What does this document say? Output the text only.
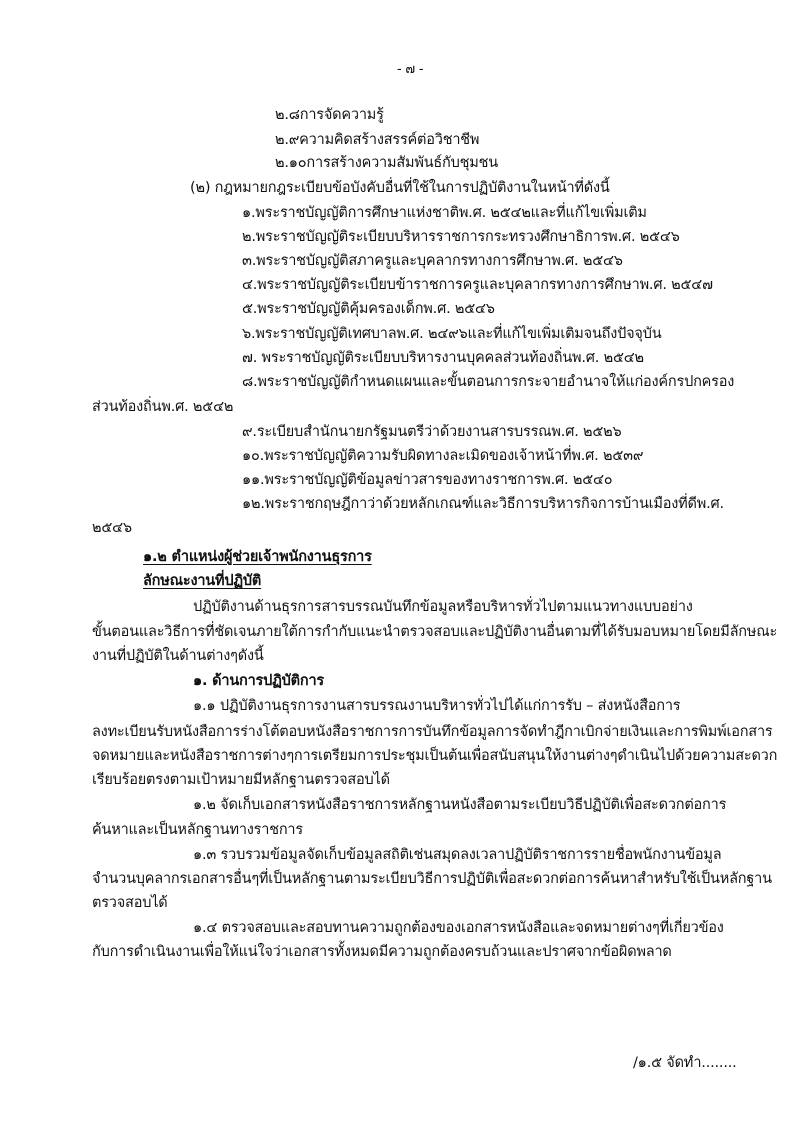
- ๗ -
๒.๘การจัดความรู้
๒.๙ความคิดสร้างสรรค์ต่อวิชาชีพ
๒.๑๐การสร้างความสัมพันธ์กับชุมชน
(๒) กฎหมายกฎระเบียบข้อบังคับอื่นที่ใช้ในการปฏิบัติงานในหน้าที่ดังนี้
๑.พระราชบัญญัติการศึกษาแห่งชาติพ.ศ. ๒๕๔๒และที่แก้ไขเพิ่มเติม
๒.พระราชบัญญัติระเบียบบริหารราชการกระทรวงศึกษาธิการพ.ศ. ๒๕๔๖
๓.พระราชบัญญัติสภาครูและบุคลากรทางการศึกษาพ.ศ. ๒๕๔๖
๔.พระราชบัญญัติระเบียบข้าราชการครูและบุคลากรทางการศึกษาพ.ศ. ๒๕๔๗
๕.พระราชบัญญัติคุ้มครองเด็กพ.ศ. ๒๕๔๖
๖.พระราชบัญญัติเทศบาลพ.ศ. ๒๔๙๖และที่แก้ไขเพิ่มเติมจนถึงปัจจุบัน
๗. พระราชบัญญัติระเบียบบริหารงานบุคคลส่วนท้องถิ่นพ.ศ. ๒๕๔๒
๘.พระราชบัญญัติกำหนดแผนและขั้นตอนการกระจายอำนาจให้แก่องค์กรปกครอง
ส่วนท้องถิ่นพ.ศ. ๒๕๔๒
๙.ระเบียบสำนักนายกรัฐมนตรีว่าด้วยงานสารบรรณพ.ศ. ๒๕๒๖
๑๐.พระราชบัญญัติความรับผิดทางละเมิดของเจ้าหน้าที่พ.ศ. ๒๕๓๙
๑๑.พระราชบัญญัติข้อมูลข่าวสารของทางราชการพ.ศ. ๒๕๔๐
๑๒.พระราชกฤษฎีกาว่าด้วยหลักเกณฑ์และวิธีการบริหารกิจการบ้านเมืองที่ดีพ.ศ.
๒๕๔๖
๑.๒ ตำแหน่งผู้ช่วยเจ้าพนักงานธุรการ
ลักษณะงานที่ปฏิบัติ
ปฏิบัติงานด้านธุรการสารบรรณบันทึกข้อมูลหรือบริหารทั่วไปตามแนวทางแบบอย่าง
ขั้นตอนและวิธีการที่ชัดเจนภายใต้การกำกับแนะนำตรวจสอบและปฏิบัติงานอื่นตามที่ได้รับมอบหมายโดยมีลักษณะ
งานที่ปฏิบัติในด้านต่างๆดังนี้
๑. ด้านการปฏิบัติการ
๑.๑ ปฏิบัติงานธุรการงานสารบรรณงานบริหารทั่วไปได้แก่การรับ – ส่งหนังสือการ
ลงทะเบียนรับหนังสือการร่างโต้ตอบหนังสือราชการการบันทึกข้อมูลการจัดทำฎีกาเบิกจ่ายเงินและการพิมพ์เอกสาร
จดหมายและหนังสือราชการต่างๆการเตรียมการประชุมเป็นต้นเพื่อสนับสนุนให้งานต่างๆดำเนินไปด้วยความสะดวก
เรียบร้อยตรงตามเป้าหมายมีหลักฐานตรวจสอบได้
๑.๒ จัดเก็บเอกสารหนังสือราชการหลักฐานหนังสือตามระเบียบวิธีปฏิบัติเพื่อสะดวกต่อการ
ค้นหาและเป็นหลักฐานทางราชการ
๑.๓ รวบรวมข้อมูลจัดเก็บข้อมูลสถิติเช่นสมุดลงเวลาปฏิบัติราชการรายชื่อพนักงานข้อมูล
จำนวนบุคลากรเอกสารอื่นๆที่เป็นหลักฐานตามระเบียบวิธีการปฏิบัติเพื่อสะดวกต่อการค้นหาสำหรับใช้เป็นหลักฐาน
ตรวจสอบได้
๑.๔ ตรวจสอบและสอบทานความถูกต้องของเอกสารหนังสือและจดหมายต่างๆที่เกี่ยวข้อง
กับการดำเนินงานเพื่อให้แน่ใจว่าเอกสารทั้งหมดมีความถูกต้องครบถ้วนและปราศจากข้อผิดพลาด
/๑.๕ จัดทำ........
